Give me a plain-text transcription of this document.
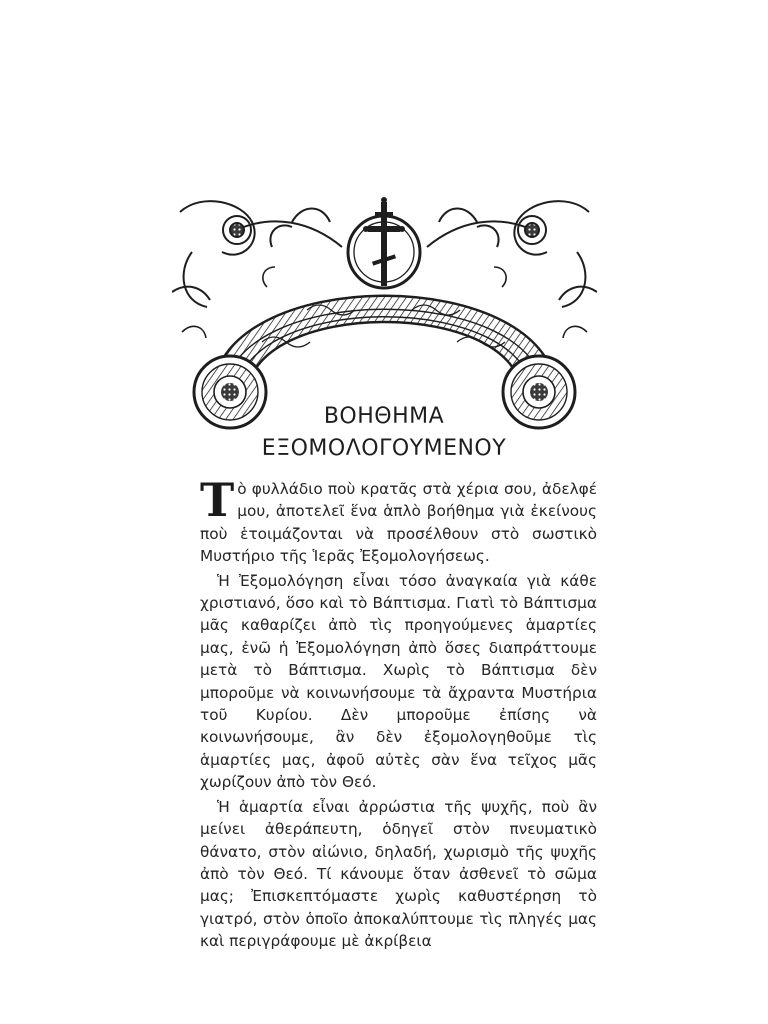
ΒΟΗΘΗΜΑ
ΕΞΟΜΟΛΟΓΟΥΜΕΝΟΥ

Τὸ φυλλάδιο ποὺ κρατᾶς στὰ χέρια σου, ἀδελφέ μου, ἀποτελεῖ ἕνα ἁπλὸ βοήθημα γιὰ ἐκείνους ποὺ ἑτοιμάζονται νὰ προσέλθουν στὸ σωστικὸ Μυστήριο τῆς Ἱερᾶς Ἐξομολογήσεως.

Ἡ Ἐξομολόγηση εἶναι τόσο ἀναγκαία γιὰ κάθε χριστιανό, ὅσο καὶ τὸ Βάπτισμα. Γιατὶ τὸ Βάπτισμα μᾶς καθαρίζει ἀπὸ τὶς προηγούμενες ἁμαρτίες μας, ἐνῶ ἡ Ἐξομολόγηση ἀπὸ ὅσες διαπράττουμε μετὰ τὸ Βάπτισμα. Χωρὶς τὸ Βάπτισμα δὲν μποροῦμε νὰ κοινωνήσουμε τὰ ἄχραντα Μυστήρια τοῦ Κυρίου. Δὲν μποροῦμε ἐπίσης νὰ κοινωνήσουμε, ἂν δὲν ἐξομολογηθοῦμε τὶς ἁμαρτίες μας, ἀφοῦ αὐτὲς σὰν ἕνα τεῖχος μᾶς χωρίζουν ἀπὸ τὸν Θεό.

Ἡ ἁμαρτία εἶναι ἀρρώστια τῆς ψυχῆς, ποὺ ἂν μείνει ἀθεράπευτη, ὁδηγεῖ στὸν πνευματικὸ θάνατο, στὸν αἰώνιο, δηλαδή, χωρισμὸ τῆς ψυχῆς ἀπὸ τὸν Θεό. Τί κάνουμε ὅταν ἀσθενεῖ τὸ σῶμα μας; Ἐπισκεπτόμαστε χωρὶς καθυστέρηση τὸ γιατρό, στὸν ὁποῖο ἀποκαλύπτουμε τὶς πληγές μας καὶ περιγράφουμε μὲ ἀκρίβεια
